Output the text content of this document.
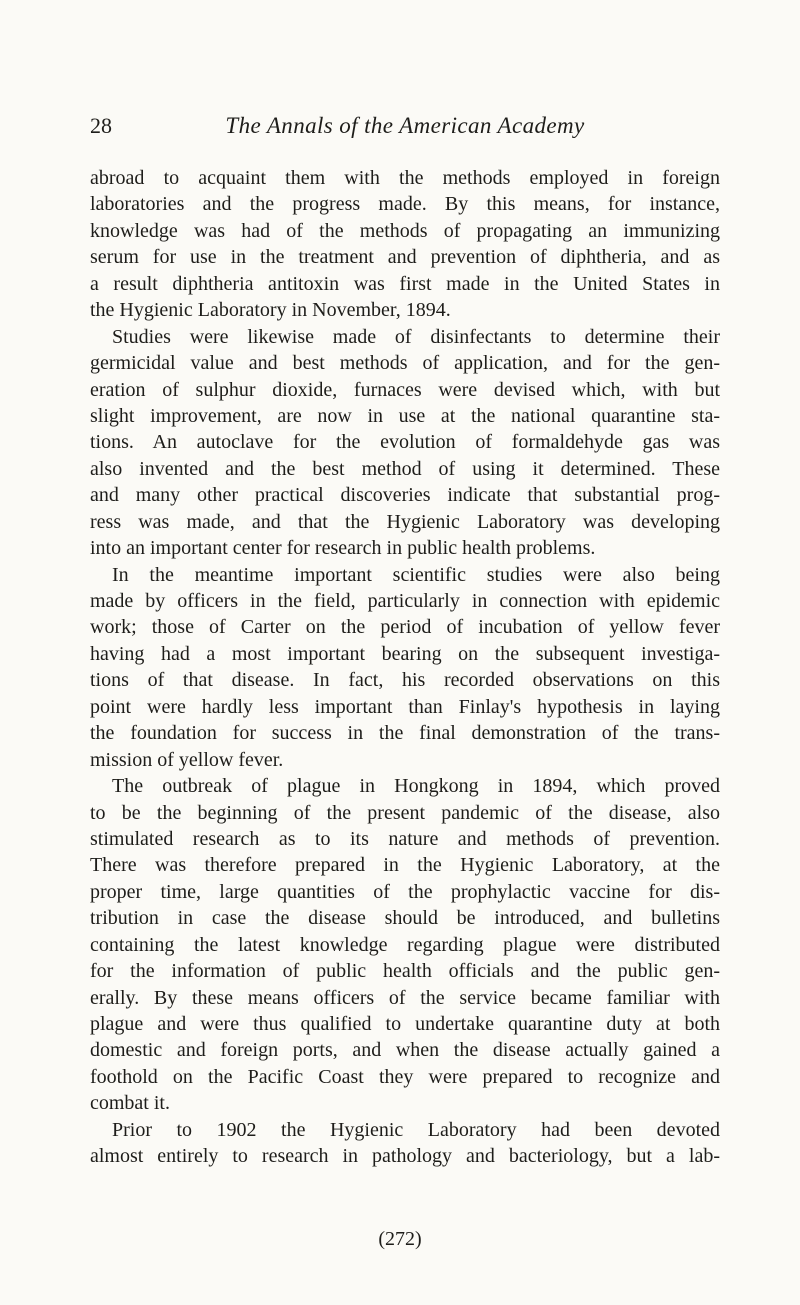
28	The Annals of the American Academy
abroad to acquaint them with the methods employed in foreign
laboratories and the progress made. By this means, for instance,
knowledge was had of the methods of propagating an immunizing
serum for use in the treatment and prevention of diphtheria, and as
a result diphtheria antitoxin was first made in the United States in
the Hygienic Laboratory in November, 1894.
Studies were likewise made of disinfectants to determine their
germicidal value and best methods of application, and for the gen-
eration of sulphur dioxide, furnaces were devised which, with but
slight improvement, are now in use at the national quarantine sta-
tions. An autoclave for the evolution of formaldehyde gas was
also invented and the best method of using it determined. These
and many other practical discoveries indicate that substantial prog-
ress was made, and that the Hygienic Laboratory was developing
into an important center for research in public health problems.
In the meantime important scientific studies were also being
made by officers in the field, particularly in connection with epidemic
work; those of Carter on the period of incubation of yellow fever
having had a most important bearing on the subsequent investiga-
tions of that disease. In fact, his recorded observations on this
point were hardly less important than Finlay's hypothesis in laying
the foundation for success in the final demonstration of the trans-
mission of yellow fever.
The outbreak of plague in Hongkong in 1894, which proved
to be the beginning of the present pandemic of the disease, also
stimulated research as to its nature and methods of prevention.
There was therefore prepared in the Hygienic Laboratory, at the
proper time, large quantities of the prophylactic vaccine for dis-
tribution in case the disease should be introduced, and bulletins
containing the latest knowledge regarding plague were distributed
for the information of public health officials and the public gen-
erally. By these means officers of the service became familiar with
plague and were thus qualified to undertake quarantine duty at both
domestic and foreign ports, and when the disease actually gained a
foothold on the Pacific Coast they were prepared to recognize and
combat it.
Prior to 1902 the Hygienic Laboratory had been devoted
almost entirely to research in pathology and bacteriology, but a lab-
(272)
